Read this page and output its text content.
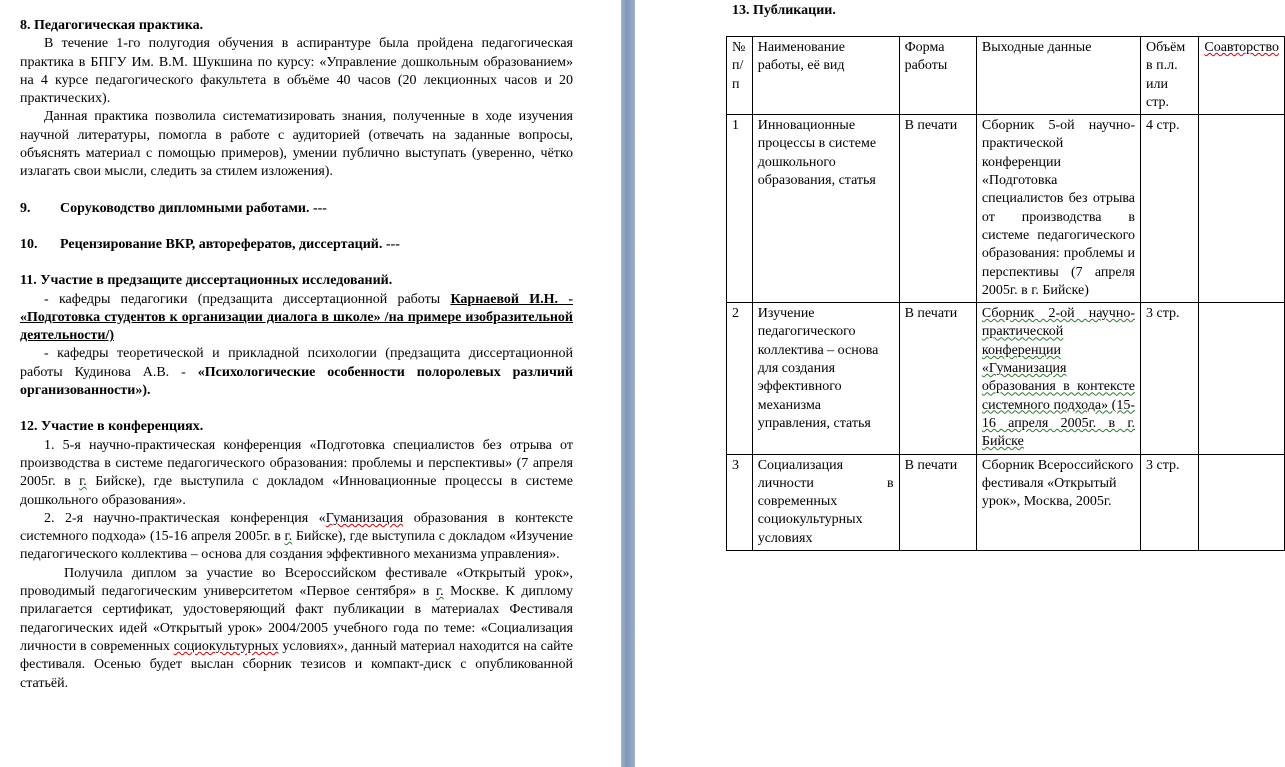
8. Педагогическая практика.

В течение 1-го полугодия обучения в аспирантуре была пройдена педагогическая практика в БПГУ Им. В.М. Шукшина по курсу: «Управление дошкольным образованием» на 4 курсе педагогического факультета в объёме 40 часов (20 лекционных часов и 20 практических).

Данная практика позволила систематизировать знания, полученные в ходе изучения научной литературы, помогла в работе с аудиторией (отвечать на заданные вопросы, объяснять материал с помощью примеров), умении публично выступать (уверенно, чётко излагать свои мысли, следить за стилем изложения).

9. Соруководство дипломными работами. ---

10. Рецензирование ВКР, авторефератов, диссертаций. ---

11. Участие в предзащите диссертационных исследований.

- кафедры педагогики (предзащита диссертационной работы Карнаевой И.Н. - «Подготовка студентов к организации диалога в школе» /на примере изобразительной деятельности/)

- кафедры теоретической и прикладной психологии (предзащита диссертационной работы Кудинова А.В. - «Психологические особенности полоролевых различий организованности»).

12. Участие в конференциях.

1. 5-я научно-практическая конференция «Подготовка специалистов без отрыва от производства в системе педагогического образования: проблемы и перспективы» (7 апреля 2005г. в г. Бийске), где выступила с докладом «Инновационные процессы в системе дошкольного образования».

2. 2-я научно-практическая конференция «Гуманизация образования в контексте системного подхода» (15-16 апреля 2005г. в г. Бийске), где выступила с докладом «Изучение педагогического коллектива – основа для создания эффективного механизма управления».

Получила диплом за участие во Всероссийском фестивале «Открытый урок», проводимый педагогическим университетом «Первое сентября» в г. Москве. К диплому прилагается сертификат, удостоверяющий факт публикации в материалах Фестиваля педагогических идей «Открытый урок» 2004/2005 учебного года по теме: «Социализация личности в современных социокультурных условиях», данный материал находится на сайте фестиваля. Осенью будет выслан сборник тезисов и компакт-диск с опубликованной статьёй.

13. Публикации.
№ п/п	Наименование работы, её вид	Форма работы	Выходные данные	Объём в п.л. или стр.	Соавторство
1	Инновационные процессы в системе дошкольного образования, статья	В печати	Сборник 5-ой научно-практической конференции «Подготовка специалистов без отрыва от производства в системе педагогического образования: проблемы и перспективы (7 апреля 2005г. в г. Бийске)	4 стр.	
2	Изучение педагогического коллектива – основа для создания эффективного механизма управления, статья	В печати	Сборник 2-ой научно-практической конференции «Гуманизация образования в контексте системного подхода» (15-16 апреля 2005г. в г. Бийске	3 стр.	
3	Социализация личности в современных социокультурных условиях	В печати	Сборник Всероссийского фестиваля «Открытый урок», Москва, 2005г.	3 стр.	
